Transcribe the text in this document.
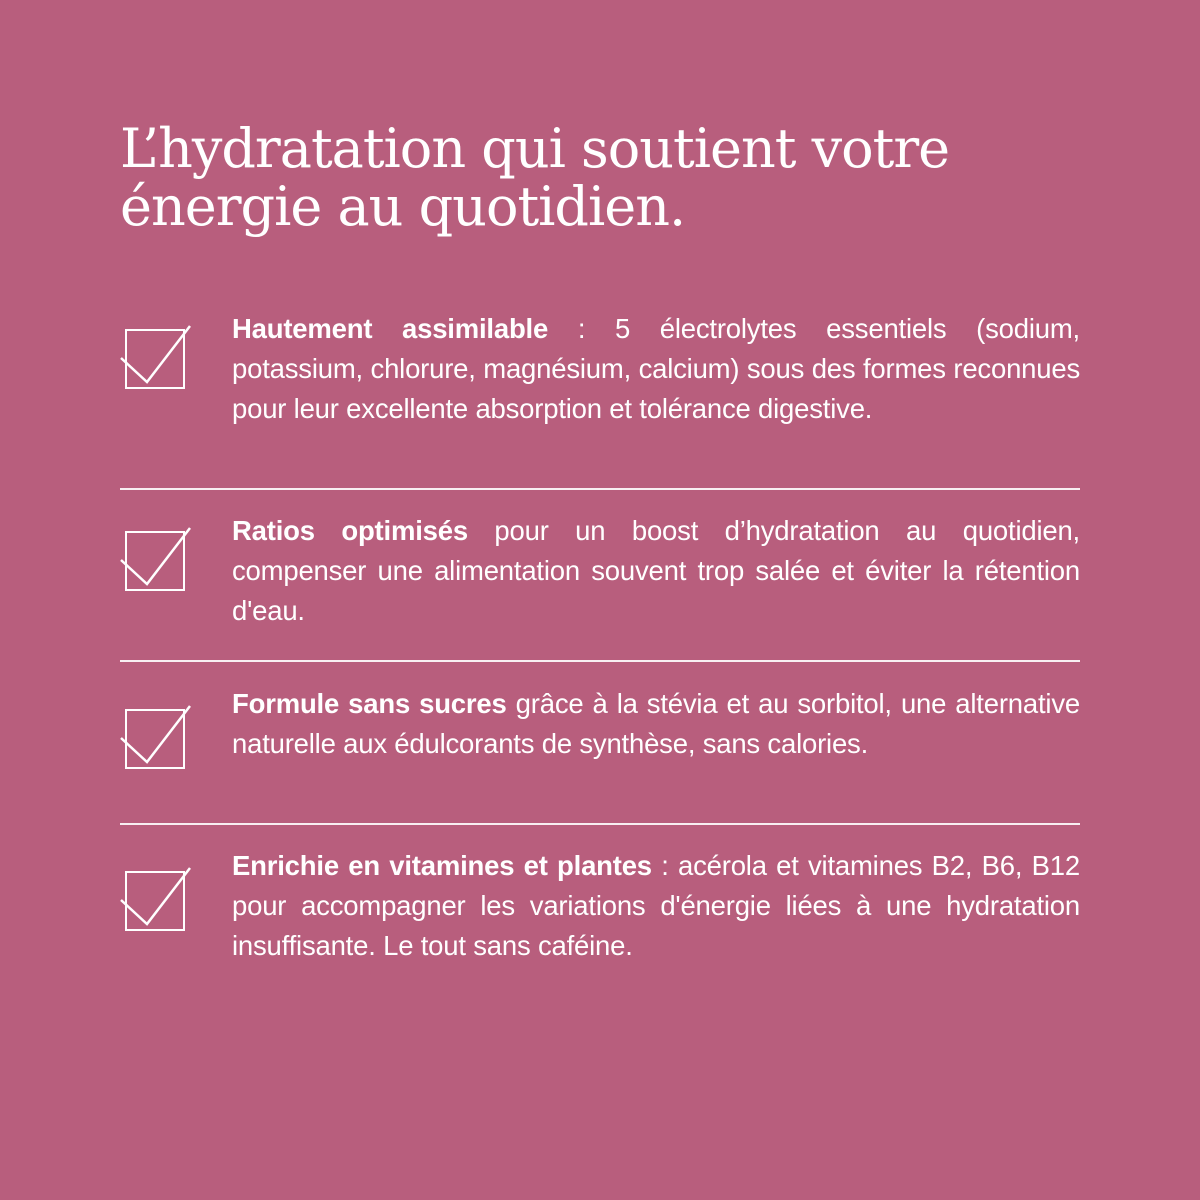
L’hydratation qui soutient votre
énergie au quotidien.

Hautement assimilable : 5 électrolytes essentiels (sodium, potassium, chlorure, magnésium, calcium) sous des formes reconnues pour leur excellente absorption et tolérance digestive.

Ratios optimisés pour un boost d’hydratation au quotidien, compenser une alimentation souvent trop salée et éviter la rétention d'eau.

Formule sans sucres grâce à la stévia et au sorbitol, une alternative naturelle aux édulcorants de synthèse, sans calories.

Enrichie en vitamines et plantes : acérola et vitamines B2, B6, B12 pour accompagner les variations d'énergie liées à une hydratation insuffisante. Le tout sans caféine.
